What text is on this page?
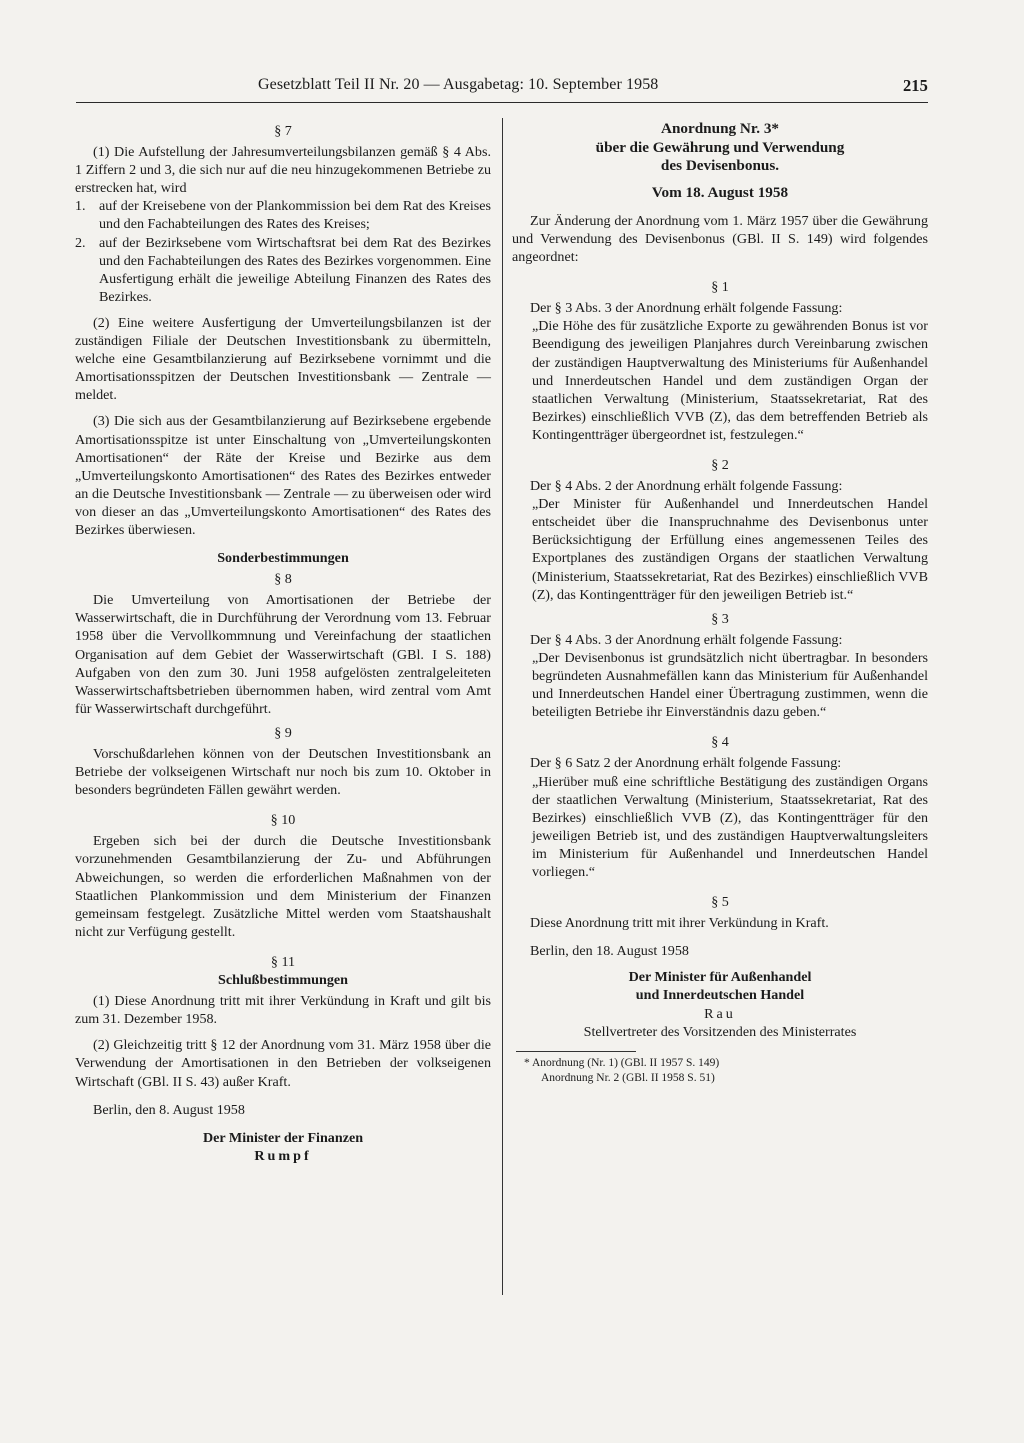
Gesetzblatt Teil II Nr. 20 — Ausgabetag: 10. September 1958	215
§ 7

(1) Die Aufstellung der Jahresumverteilungsbilanzen gemäß § 4 Abs. 1 Ziffern 2 und 3, die sich nur auf die neu hinzugekommenen Betriebe zu erstrecken hat, wird

1. auf der Kreisebene von der Plankommission bei dem Rat des Kreises und den Fachabteilungen des Rates des Kreises;
2. auf der Bezirksebene vom Wirtschaftsrat bei dem Rat des Bezirkes und den Fachabteilungen des Rates des Bezirkes vorgenommen. Eine Ausfertigung erhält die jeweilige Abteilung Finanzen des Rates des Bezirkes.

(2) Eine weitere Ausfertigung der Umverteilungsbilanzen ist der zuständigen Filiale der Deutschen Investitionsbank zu übermitteln, welche eine Gesamtbilanzierung auf Bezirksebene vornimmt und die Amortisationsspitzen der Deutschen Investitionsbank — Zentrale — meldet.

(3) Die sich aus der Gesamtbilanzierung auf Bezirksebene ergebende Amortisationsspitze ist unter Einschaltung von „Umverteilungskonten Amortisationen“ der Räte der Kreise und Bezirke aus dem „Umverteilungskonto Amortisationen“ des Rates des Bezirkes entweder an die Deutsche Investitionsbank — Zentrale — zu überweisen oder wird von dieser an das „Umverteilungskonto Amortisationen“ des Rates des Bezirkes überwiesen.

Sonderbestimmungen
§ 8

Die Umverteilung von Amortisationen der Betriebe der Wasserwirtschaft, die in Durchführung der Verordnung vom 13. Februar 1958 über die Vervollkommnung und Vereinfachung der staatlichen Organisation auf dem Gebiet der Wasserwirtschaft (GBl. I S. 188) Aufgaben von den zum 30. Juni 1958 aufgelösten zentralgeleiteten Wasserwirtschaftsbetrieben übernommen haben, wird zentral vom Amt für Wasserwirtschaft durchgeführt.

§ 9

Vorschußdarlehen können von der Deutschen Investitionsbank an Betriebe der volkseigenen Wirtschaft nur noch bis zum 10. Oktober in besonders begründeten Fällen gewährt werden.

§ 10

Ergeben sich bei der durch die Deutsche Investitionsbank vorzunehmenden Gesamtbilanzierung der Zu- und Abführungen Abweichungen, so werden die erforderlichen Maßnahmen von der Staatlichen Plankommission und dem Ministerium der Finanzen gemeinsam festgelegt. Zusätzliche Mittel werden vom Staatshaushalt nicht zur Verfügung gestellt.

§ 11
Schlußbestimmungen

(1) Diese Anordnung tritt mit ihrer Verkündung in Kraft und gilt bis zum 31. Dezember 1958.

(2) Gleichzeitig tritt § 12 der Anordnung vom 31. März 1958 über die Verwendung der Amortisationen in den Betrieben der volkseigenen Wirtschaft (GBl. II S. 43) außer Kraft.

Berlin, den 8. August 1958

Der Minister der Finanzen
Rumpf
Anordnung Nr. 3*
über die Gewährung und Verwendung
des Devisenbonus.
Vom 18. August 1958

Zur Änderung der Anordnung vom 1. März 1957 über die Gewährung und Verwendung des Devisenbonus (GBl. II S. 149) wird folgendes angeordnet:

§ 1

Der § 3 Abs. 3 der Anordnung erhält folgende Fassung:

„Die Höhe des für zusätzliche Exporte zu gewährenden Bonus ist vor Beendigung des jeweiligen Planjahres durch Vereinbarung zwischen der zuständigen Hauptverwaltung des Ministeriums für Außenhandel und Innerdeutschen Handel und dem zuständigen Organ der staatlichen Verwaltung (Ministerium, Staatssekretariat, Rat des Bezirkes) einschließlich VVB (Z), das dem betreffenden Betrieb als Kontingentträger übergeordnet ist, festzulegen.“

§ 2

Der § 4 Abs. 2 der Anordnung erhält folgende Fassung:

„Der Minister für Außenhandel und Innerdeutschen Handel entscheidet über die Inanspruchnahme des Devisenbonus unter Berücksichtigung der Erfüllung eines angemessenen Teiles des Exportplanes des zuständigen Organs der staatlichen Verwaltung (Ministerium, Staatssekretariat, Rat des Bezirkes) einschließlich VVB (Z), das Kontingentträger für den jeweiligen Betrieb ist.“

§ 3

Der § 4 Abs. 3 der Anordnung erhält folgende Fassung:

„Der Devisenbonus ist grundsätzlich nicht übertragbar. In besonders begründeten Ausnahmefällen kann das Ministerium für Außenhandel und Innerdeutschen Handel einer Übertragung zustimmen, wenn die beteiligten Betriebe ihr Einverständnis dazu geben.“

§ 4

Der § 6 Satz 2 der Anordnung erhält folgende Fassung:

„Hierüber muß eine schriftliche Bestätigung des zuständigen Organs der staatlichen Verwaltung (Ministerium, Staatssekretariat, Rat des Bezirkes) einschließlich VVB (Z), das Kontingentträger für den jeweiligen Betrieb ist, und des zuständigen Hauptverwaltungsleiters im Ministerium für Außenhandel und Innerdeutschen Handel vorliegen.“

§ 5

Diese Anordnung tritt mit ihrer Verkündung in Kraft.

Berlin, den 18. August 1958

Der Minister für Außenhandel
und Innerdeutschen Handel
Rau
Stellvertreter des Vorsitzenden des Ministerrates
* Anordnung (Nr. 1) (GBl. II 1957 S. 149)
Anordnung Nr. 2 (GBl. II 1958 S. 51)
